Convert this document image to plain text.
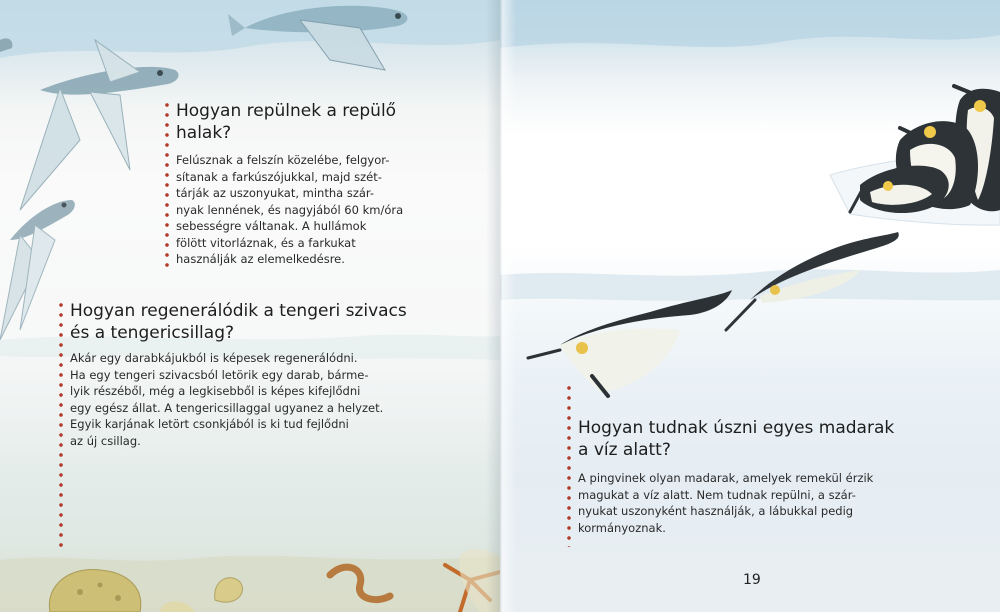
Hogyan repülnek a repülő
halak?

Felúsznak a felszín közelébe, felgyor-
sítanak a farkúszójukkal, majd szét-
tárják az uszonyukat, mintha szár-
nyak lennének, és nagyjából 60 km/óra
sebességre váltanak. A hullámok
fölött vitorláznak, és a farkukat
használják az elemelkedésre.

Hogyan regenerálódik a tengeri szivacs
és a tengericsillag?

Akár egy darabkájukból is képesek regenerálódni.
Ha egy tengeri szivacsból letörik egy darab, bárme-
lyik részéből, még a legkisebből is képes kifejlődni
egy egész állat. A tengericsillaggal ugyanez a helyzet.
Egyik karjának letört csonkjából is ki tud fejlődni
az új csillag.

Hogyan tudnak úszni egyes madarak
a víz alatt?

A pingvinek olyan madarak, amelyek remekül érzik
magukat a víz alatt. Nem tudnak repülni, a szár-
nyukat uszonyként használják, a lábukkal pedig
kormányoznak.

19
